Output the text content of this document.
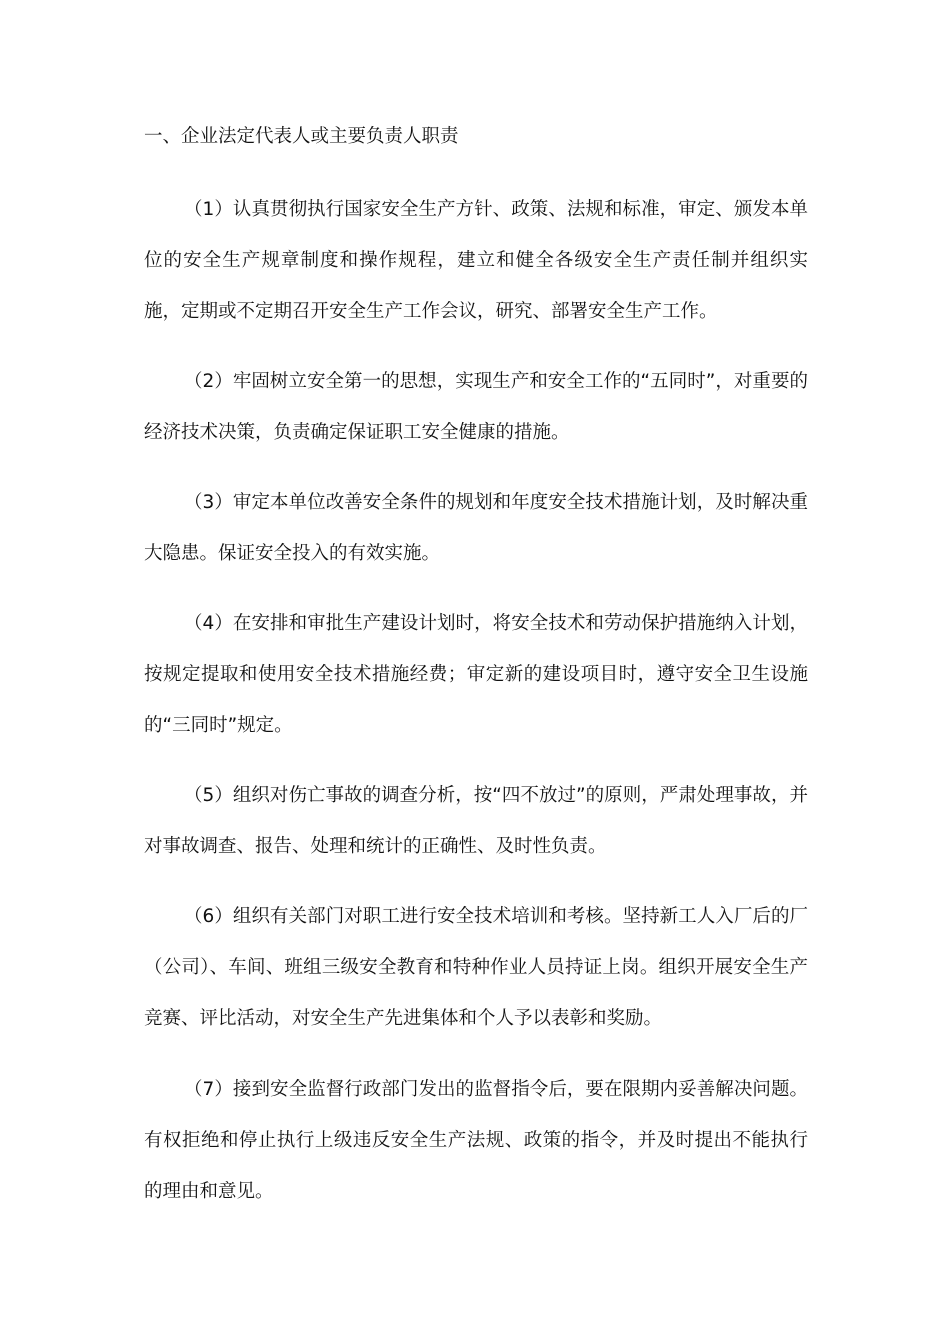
一、企业法定代表人或主要负责人职责

（1）认真贯彻执行国家安全生产方针、政策、法规和标准，审定、颁发本单位的安全生产规章制度和操作规程，建立和健全各级安全生产责任制并组织实施，定期或不定期召开安全生产工作会议，研究、部署安全生产工作。

（2）牢固树立安全第一的思想，实现生产和安全工作的“五同时”，对重要的经济技术决策，负责确定保证职工安全健康的措施。

（3）审定本单位改善安全条件的规划和年度安全技术措施计划，及时解决重大隐患。保证安全投入的有效实施。

（4）在安排和审批生产建设计划时，将安全技术和劳动保护措施纳入计划，按规定提取和使用安全技术措施经费；审定新的建设项目时，遵守安全卫生设施的“三同时”规定。

（5）组织对伤亡事故的调查分析，按“四不放过”的原则，严肃处理事故，并对事故调查、报告、处理和统计的正确性、及时性负责。

（6）组织有关部门对职工进行安全技术培训和考核。坚持新工人入厂后的厂（公司）、车间、班组三级安全教育和特种作业人员持证上岗。组织开展安全生产竞赛、评比活动，对安全生产先进集体和个人予以表彰和奖励。

（7）接到安全监督行政部门发出的监督指令后，要在限期内妥善解决问题。有权拒绝和停止执行上级违反安全生产法规、政策的指令，并及时提出不能执行的理由和意见。
